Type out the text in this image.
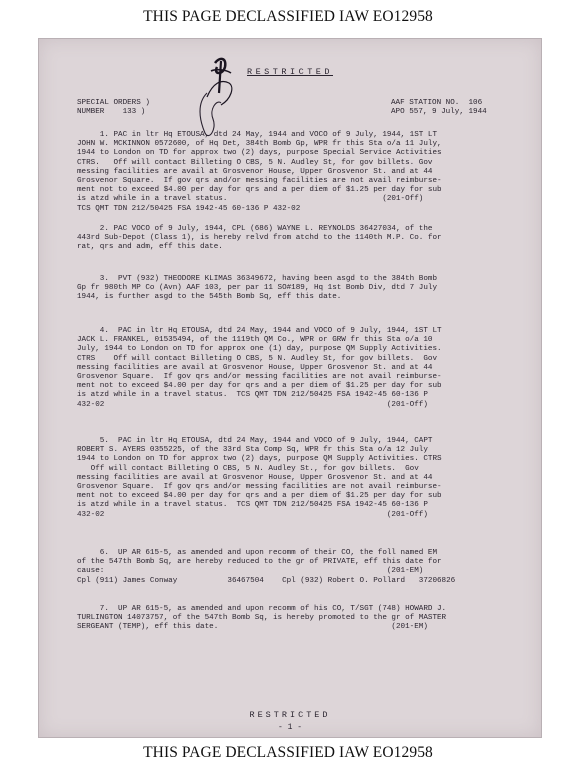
THIS PAGE DECLASSIFIED IAW EO12958
RESTRICTED
SPECIAL ORDERS )
NUMBER    133 )
AAF STATION NO.  106
APO 557, 9 July, 1944
1. PAC in ltr Hq ETOUSA, dtd 24 May, 1944 and VOCO of 9 July, 1944, 1ST LT
JOHN W. MCKINNON 0572600, of Hq Det, 384th Bomb Gp, WPR fr this Sta o/a 11 July,
1944 to London on TD for approx two (2) days, purpose Special Service Activities
CTRS.   Off will contact Billeting O CBS, 5 N. Audley St, for gov billets. Gov
messing facilities are avail at Grosvenor House, Upper Grosvenor St. and at 44
Grosvenor Square.  If gov qrs and/or messing facilities are not avail reimburse-
ment not to exceed $4.00 per day for qrs and a per diem of $1.25 per day for sub
is atzd while in a travel status.                                  (201-Off)
TCS QMT TDN 212/50425 FSA 1942-45 60-136 P 432-02
2. PAC VOCO of 9 July, 1944, CPL (686) WAYNE L. REYNOLDS 36427034, of the
443rd Sub-Depot (Class 1), is hereby relvd from atchd to the 1140th M.P. Co. for
rat, qrs and adm, eff this date.
3.  PVT (932) THEODORE KLIMAS 36349672, having been asgd to the 384th Bomb
Gp fr 980th MP Co (Avn) AAF 103, per par 11 SO#189, Hq 1st Bomb Div, dtd 7 July
1944, is further asgd to the 545th Bomb Sq, eff this date.
4.  PAC in ltr Hq ETOUSA, dtd 24 May, 1944 and VOCO of 9 July, 1944, 1ST LT
JACK L. FRANKEL, 01535494, of the 1119th QM Co., WPR or GRW fr this Sta o/a 10
July, 1944 to London on TD for approx one (1) day, purpose QM Supply Activities.
CTRS    Off will contact Billeting O CBS, 5 N. Audley St, for gov billets.  Gov
messing facilities are avail at Grosvenor House, Upper Grosvenor St. and at 44
Grosvenor Square.  If gov qrs and/or messing facilities are not avail reimburse-
ment not to exceed $4.00 per day for qrs and a per diem of $1.25 per day for sub
is atzd while in a travel status.  TCS QMT TDN 212/50425 FSA 1942-45 60-136 P
432-02                                                              (201-Off)
5.  PAC in ltr Hq ETOUSA, dtd 24 May, 1944 and VOCO of 9 July, 1944, CAPT
ROBERT S. AYERS 0355225, of the 33rd Sta Comp Sq, WPR fr this Sta o/a 12 July
1944 to London on TD for approx two (2) days, purpose QM Supply Activities. CTRS
Off will contact Billeting O CBS, 5 N. Audley St., for gov billets.  Gov
messing facilities are avail at Grosvenor House, Upper Grosvenor St. and at 44
Grosvenor Square.  If gov qrs and/or messing facilities are not avail reimburse-
ment not to exceed $4.00 per day for qrs and a per diem of $1.25 per day for sub
is atzd while in a travel status.  TCS QMT TDN 212/50425 FSA 1942-45 60-136 P
432-02                                                              (201-Off)
6.  UP AR 615-5, as amended and upon recomm of their CO, the foll named EM
of the 547th Bomb Sq, are hereby reduced to the gr of PRIVATE, eff this date for
cause:                                                              (201-EM)
Cpl (911) James Conway           36467504    Cpl (932) Robert O. Pollard   37206826
7.  UP AR 615-5, as amended and upon recomm of his CO, T/SGT (748) HOWARD J.
TURLINGTON 14073757, of the 547th Bomb Sq, is hereby promoted to the gr of MASTER
SERGEANT (TEMP), eff this date.                                      (201-EM)
RESTRICTED
- 1 -
THIS PAGE DECLASSIFIED IAW EO12958
